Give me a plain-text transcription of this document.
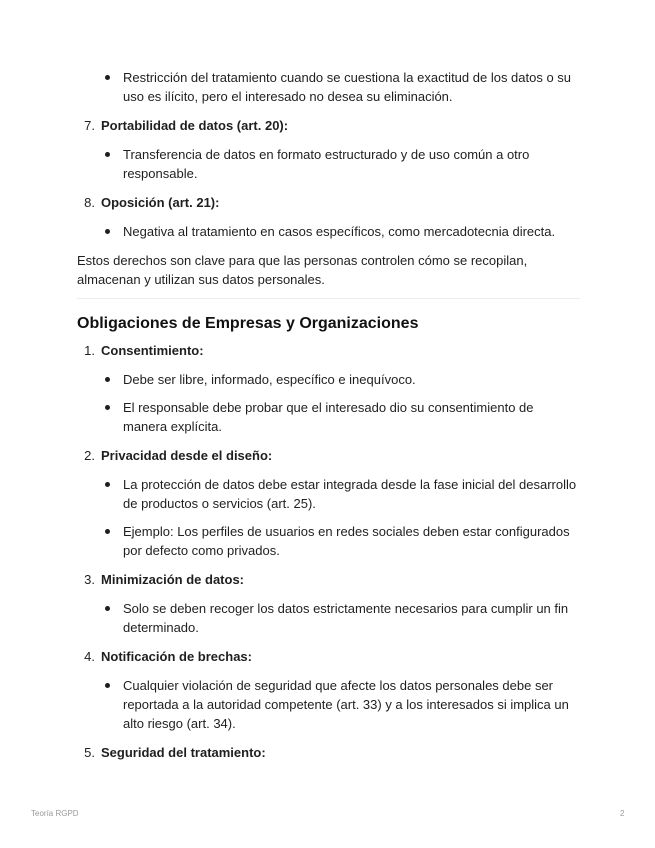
Restricción del tratamiento cuando se cuestiona la exactitud de los datos o su uso es ilícito, pero el interesado no desea su eliminación.

7. Portabilidad de datos (art. 20):

Transferencia de datos en formato estructurado y de uso común a otro responsable.

8. Oposición (art. 21):

Negativa al tratamiento en casos específicos, como mercadotecnia directa.

Estos derechos son clave para que las personas controlen cómo se recopilan, almacenan y utilizan sus datos personales.

Obligaciones de Empresas y Organizaciones
1. Consentimiento:

Debe ser libre, informado, específico e inequívoco.

El responsable debe probar que el interesado dio su consentimiento de manera explícita.

2. Privacidad desde el diseño:

La protección de datos debe estar integrada desde la fase inicial del desarrollo de productos o servicios (art. 25).

Ejemplo: Los perfiles de usuarios en redes sociales deben estar configurados por defecto como privados.

3. Minimización de datos:

Solo se deben recoger los datos estrictamente necesarios para cumplir un fin determinado.

4. Notificación de brechas:

Cualquier violación de seguridad que afecte los datos personales debe ser reportada a la autoridad competente (art. 33) y a los interesados si implica un alto riesgo (art. 34).

5. Seguridad del tratamiento:
Teoría RGPD	2
